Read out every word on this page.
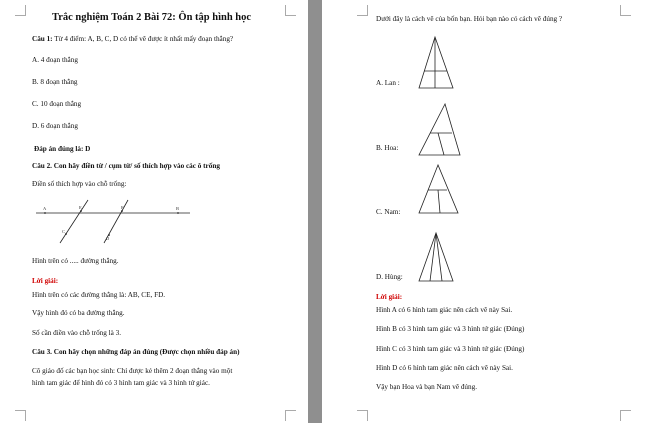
Trắc nghiệm Toán 2 Bài 72: Ôn tập hình học
Câu 1: Từ 4 điểm: A, B, C, D có thể vẽ được ít nhất mấy đoạn thẳng?
A. 4 đoạn thẳng
B. 8 đoạn thẳng
C. 10 đoạn thẳng
D. 6 đoạn thẳng
Đáp án đúng là: D
Câu 2. Con hãy điền từ / cụm từ/ số thích hợp vào các ô trống
Điền số thích hợp vào chỗ trống:
A	B
C
D
E	F
Hình trên có ..... đường thẳng.
Lời giải:
Hình trên có các đường thẳng là: AB, CE, FD.
Vậy hình đó có ba đường thẳng.
Số cần điền vào chỗ trống là 3.
Câu 3. Con hãy chọn những đáp án đúng (Được chọn nhiều đáp án)
Cô giáo đố các bạn học sinh: Chỉ được kẻ thêm 2 đoạn thẳng vào một
hình tam giác để hình đó có 3 hình tam giác và 3 hình tứ giác.
Dưới đây là cách vẽ của bốn bạn. Hỏi bạn nào có cách vẽ đúng ?
A. Lan :
B. Hoa:
C. Nam:
D. Hùng:
Lời giải:
Hình A có 6 hình tam giác nên cách vẽ này Sai.
Hình B có 3 hình tam giác và 3 hình tứ giác (Đúng)
Hình C có 3 hình tam giác và 3 hình tứ giác (Đúng)
Hình D có 6 hình tam giác nên cách vẽ này Sai.
Vậy bạn Hoa và bạn Nam vẽ đúng.
